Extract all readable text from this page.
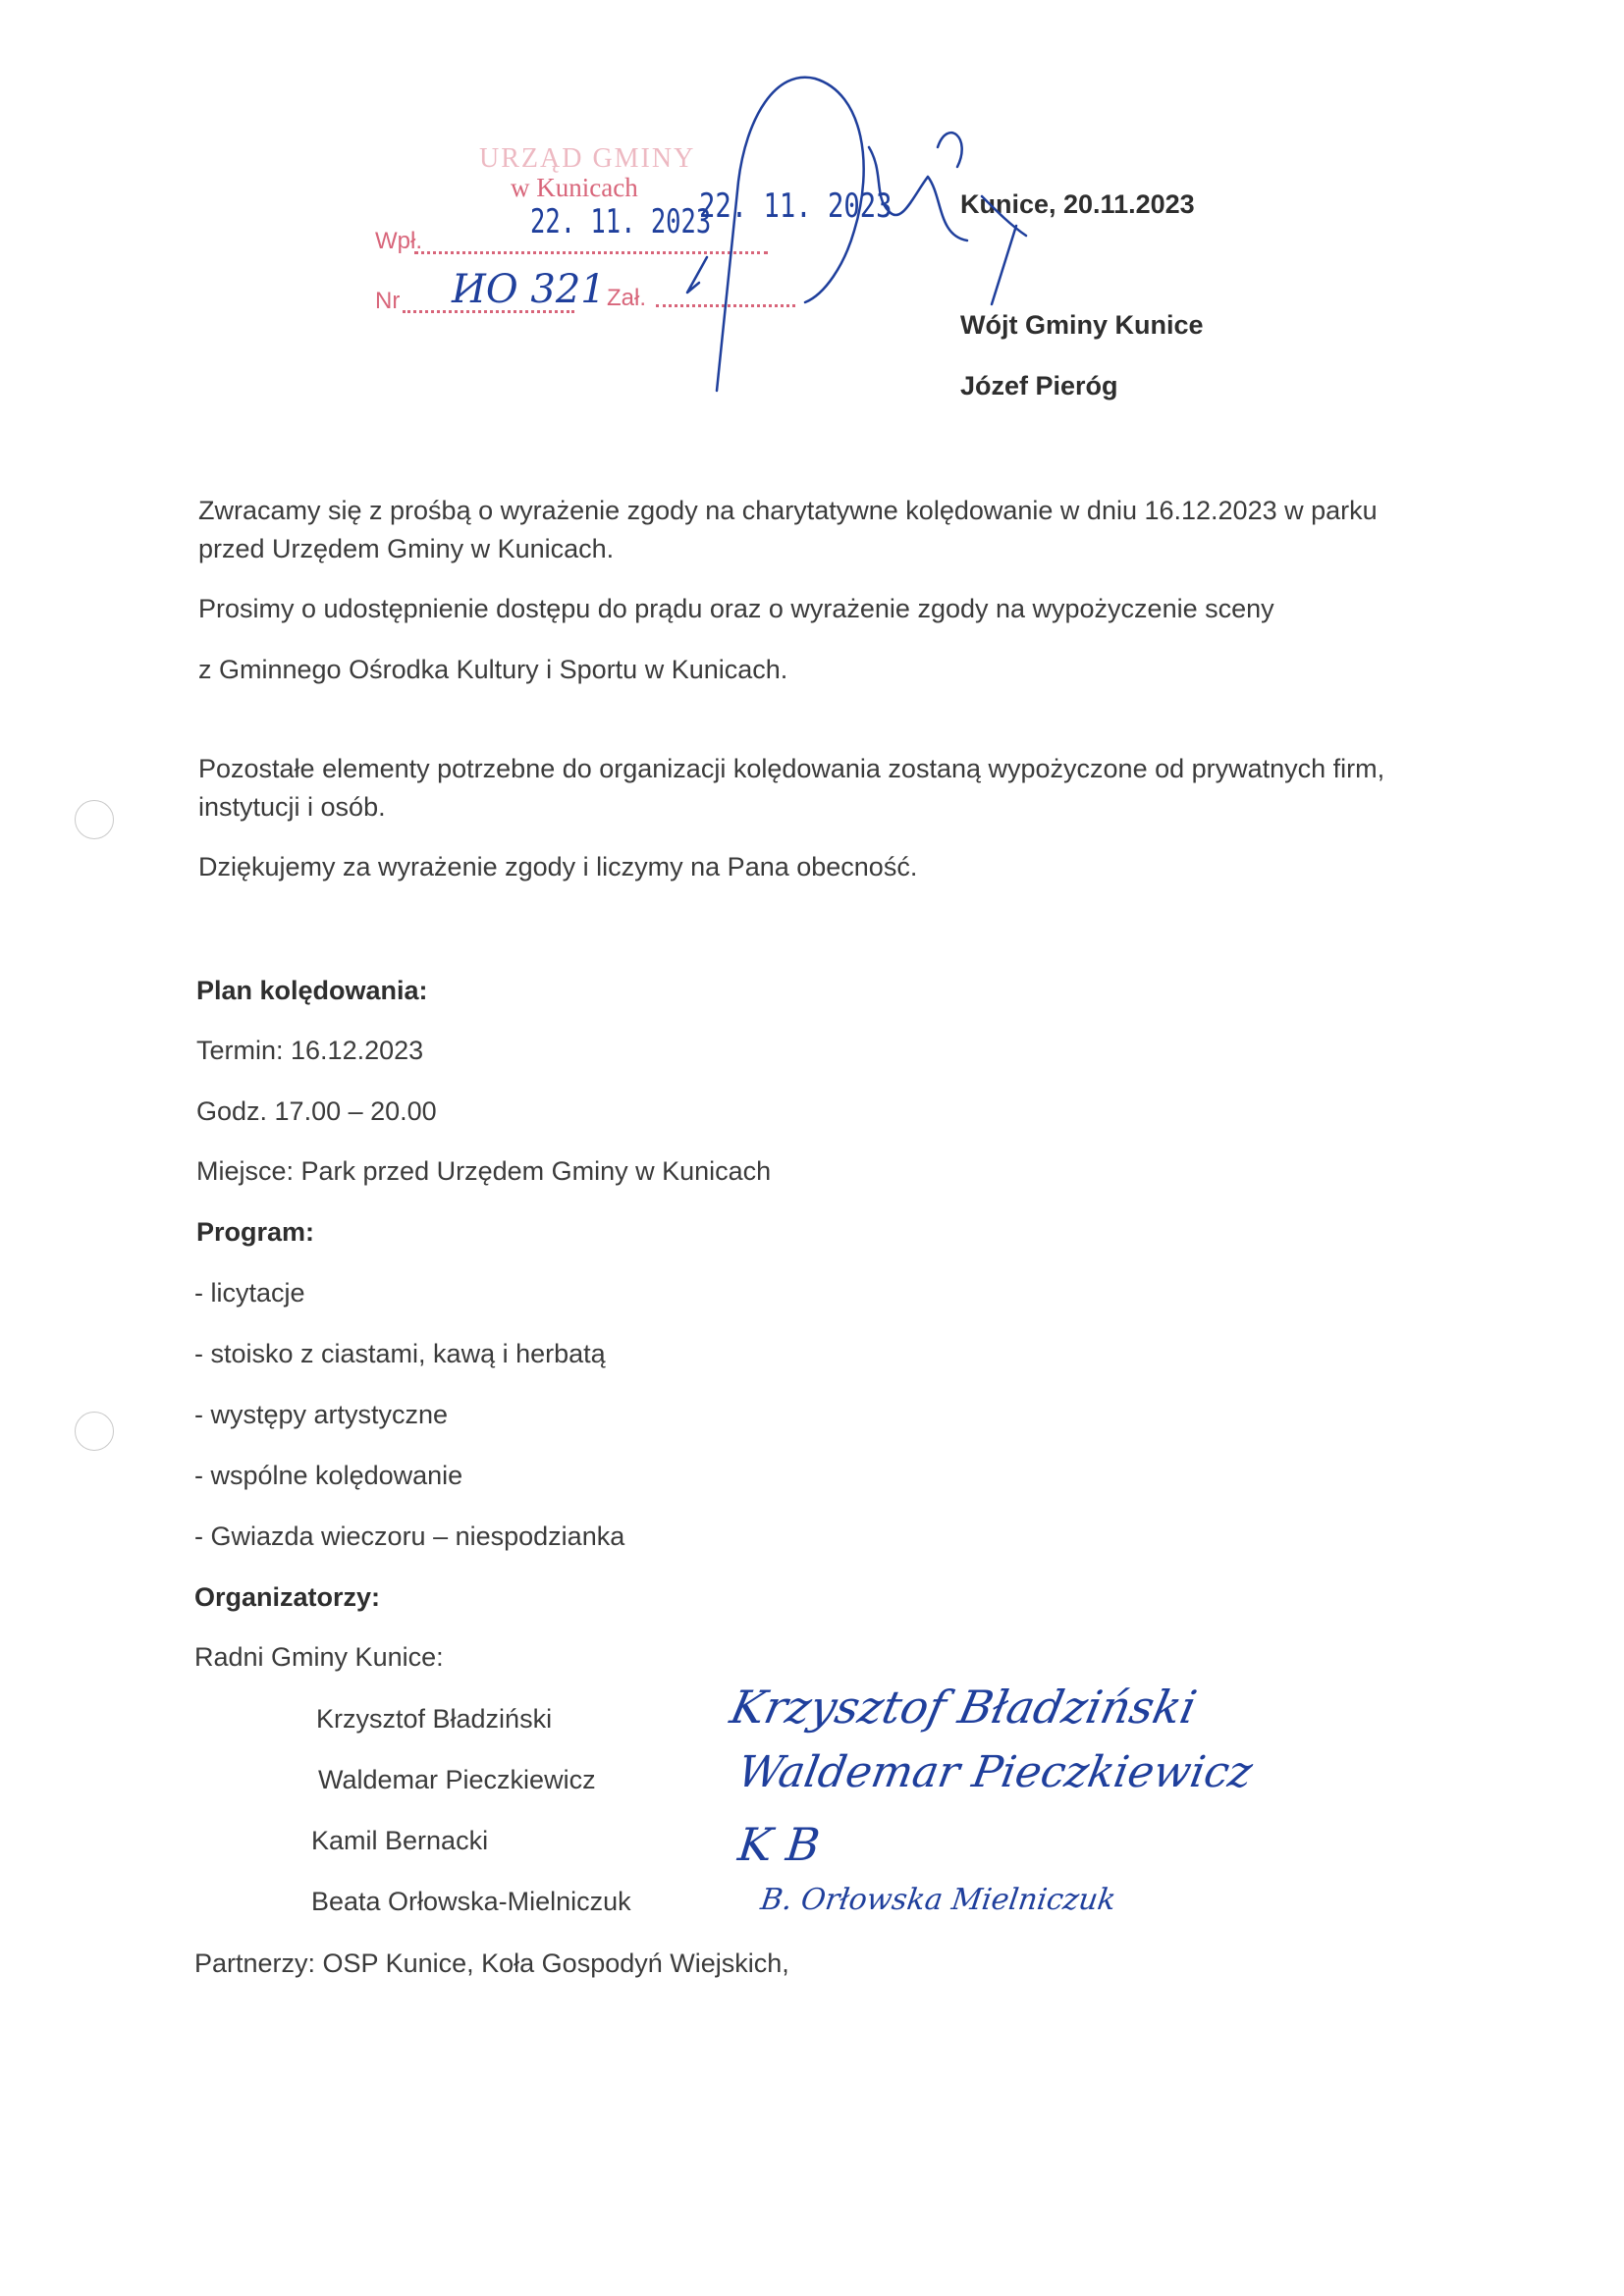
URZĄD GMINY
w Kunicach
Wpł.
Nr	Zał.
22. 11. 2023
22. 11. 2023
ИO 321
Kunice, 20.11.2023
Wójt Gminy Kunice
Józef Pieróg
Zwracamy się z prośbą o wyrażenie zgody na charytatywne kolędowanie w dniu 16.12.2023 w parku
przed Urzędem Gminy w Kunicach.
Prosimy o udostępnienie dostępu do prądu oraz o wyrażenie zgody na wypożyczenie sceny
z Gminnego Ośrodka Kultury i Sportu w Kunicach.
Pozostałe elementy potrzebne do organizacji kolędowania zostaną wypożyczone od prywatnych firm,
instytucji i osób.
Dziękujemy za wyrażenie zgody i liczymy na Pana obecność.
Plan kolędowania:
Termin: 16.12.2023
Godz. 17.00 – 20.00
Miejsce: Park przed Urzędem Gminy w Kunicach
Program:
- licytacje
- stoisko z ciastami, kawą i herbatą
- występy artystyczne
- wspólne kolędowanie
- Gwiazda wieczoru – niespodzianka
Organizatorzy:
Radni Gminy Kunice:
Krzysztof Bładziński
Waldemar Pieczkiewicz
Kamil Bernacki
Beata Orłowska-Mielniczuk
Partnerzy: OSP Kunice, Koła Gospodyń Wiejskich,
Krzysztof Bładziński
Waldemar Pieczkiewicz
K B
B. Orłowska Mielniczuk
